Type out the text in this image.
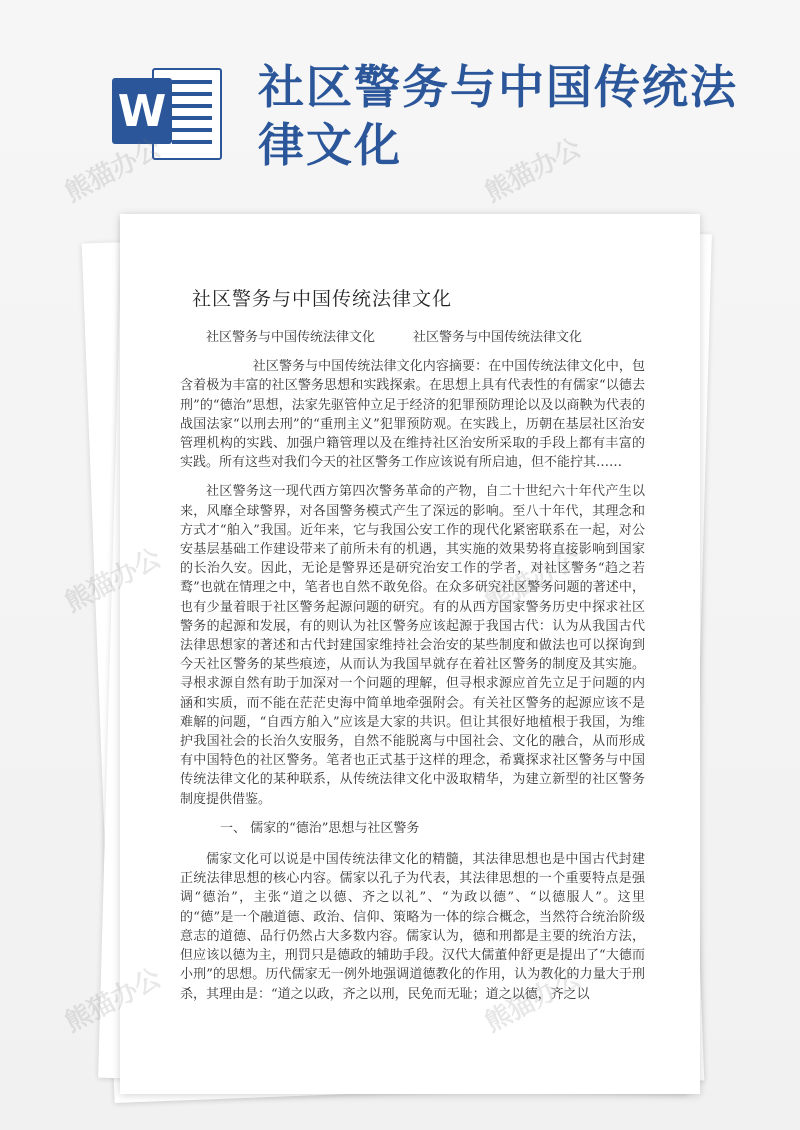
W 社区警务与中国传统法律文化
社区警务与中国传统法律文化

社区警务与中国传统法律文化	社区警务与中国传统法律文化

社区警务与中国传统法律文化内容摘要：在中国传统法律文化中，包含着极为丰富的社区警务思想和实践探索。在思想上具有代表性的有儒家“以德去刑”的“德治”思想，法家先驱管仲立足于经济的犯罪预防理论以及以商鞅为代表的战国法家“以刑去刑”的“重刑主义”犯罪预防观。在实践上，历朝在基层社区治安管理机构的实践、加强户籍管理以及在维持社区治安所采取的手段上都有丰富的实践。所有这些对我们今天的社区警务工作应该说有所启迪，但不能拧其……

社区警务这一现代西方第四次警务革命的产物，自二十世纪六十年代产生以来，风靡全球警界，对各国警务模式产生了深远的影响。至八十年代，其理念和方式才“舶入”我国。近年来，它与我国公安工作的现代化紧密联系在一起，对公安基层基础工作建设带来了前所未有的机遇，其实施的效果势将直接影响到国家的长治久安。因此，无论是警界还是研究治安工作的学者，对社区警务“趋之若鹜”也就在情理之中，笔者也自然不敢免俗。在众多研究社区警务问题的著述中，也有少量着眼于社区警务起源问题的研究。有的从西方国家警务历史中探求社区警务的起源和发展，有的则认为社区警务应该起源于我国古代：认为从我国古代法律思想家的著述和古代封建国家维持社会治安的某些制度和做法也可以探询到今天社区警务的某些痕迹，从而认为我国早就存在着社区警务的制度及其实施。寻根求源自然有助于加深对一个问题的理解，但寻根求源应首先立足于问题的内涵和实质，而不能在茫茫史海中简单地牵强附会。有关社区警务的起源应该不是难解的问题，“自西方舶入”应该是大家的共识。但让其很好地植根于我国，为维护我国社会的长治久安服务，自然不能脱离与中国社会、文化的融合，从而形成有中国特色的社区警务。笔者也正式基于这样的理念，希冀探求社区警务与中国传统法律文化的某种联系，从传统法律文化中汲取精华，为建立新型的社区警务制度提供借鉴。

一、 儒家的“德治”思想与社区警务

儒家文化可以说是中国传统法律文化的精髓，其法律思想也是中国古代封建正统法律思想的核心内容。儒家以孔子为代表，其法律思想的一个重要特点是强调“德治”，主张“道之以德、齐之以礼”、“为政以德”、“以德服人”。这里的“德”是一个融道德、政治、信仰、策略为一体的综合概念，当然符合统治阶级意志的道德、品行仍然占大多数内容。儒家认为，德和刑都是主要的统治方法，但应该以德为主，刑罚只是德政的辅助手段。汉代大儒董仲舒更是提出了“大德而小刑”的思想。历代儒家无一例外地强调道德教化的作用，认为教化的力量大于刑杀，其理由是：“道之以政，齐之以刑，民免而无耻；道之以德，齐之以
